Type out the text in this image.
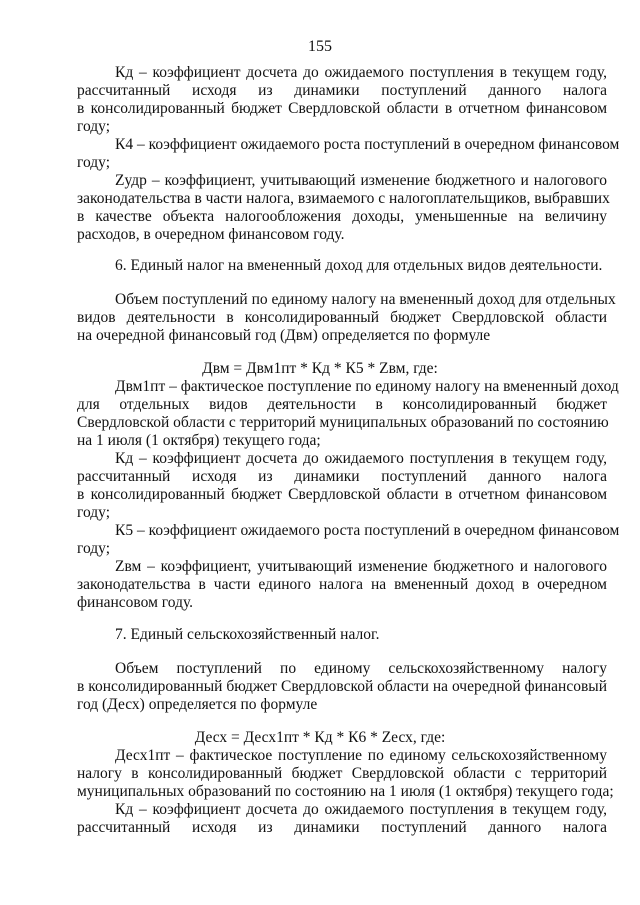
155
Кд – коэффициент досчета до ожидаемого поступления в текущем году,
рассчитанный исходя из динамики поступлений данного налога
в консолидированный бюджет Свердловской области в отчетном финансовом
году;
К4 – коэффициент ожидаемого роста поступлений в очередном финансовом
году;
Zудр – коэффициент, учитывающий изменение бюджетного и налогового
законодательства в части налога, взимаемого с налогоплательщиков, выбравших
в качестве объекта налогообложения доходы, уменьшенные на величину
расходов, в очередном финансовом году.
6. Единый налог на вмененный доход для отдельных видов деятельности.
Объем поступлений по единому налогу на вмененный доход для отдельных
видов деятельности в консолидированный бюджет Свердловской области
на очередной финансовый год (Двм) определяется по формуле
Двм = Двм1пт * Кд * К5 * Zвм, где:
Двм1пт – фактическое поступление по единому налогу на вмененный доход
для отдельных видов деятельности в консолидированный бюджет
Свердловской области с территорий муниципальных образований по состоянию
на 1 июля (1 октября) текущего года;
Кд – коэффициент досчета до ожидаемого поступления в текущем году,
рассчитанный исходя из динамики поступлений данного налога
в консолидированный бюджет Свердловской области в отчетном финансовом
году;
К5 – коэффициент ожидаемого роста поступлений в очередном финансовом
году;
Zвм – коэффициент, учитывающий изменение бюджетного и налогового
законодательства в части единого налога на вмененный доход в очередном
финансовом году.
7. Единый сельскохозяйственный налог.
Объем поступлений по единому сельскохозяйственному налогу
в консолидированный бюджет Свердловской области на очередной финансовый
год (Десх) определяется по формуле
Десх = Десх1пт * Кд * К6 * Zесх, где:
Десх1пт – фактическое поступление по единому сельскохозяйственному
налогу в консолидированный бюджет Свердловской области с территорий
муниципальных образований по состоянию на 1 июля (1 октября) текущего года;
Кд – коэффициент досчета до ожидаемого поступления в текущем году,
рассчитанный исходя из динамики поступлений данного налога
